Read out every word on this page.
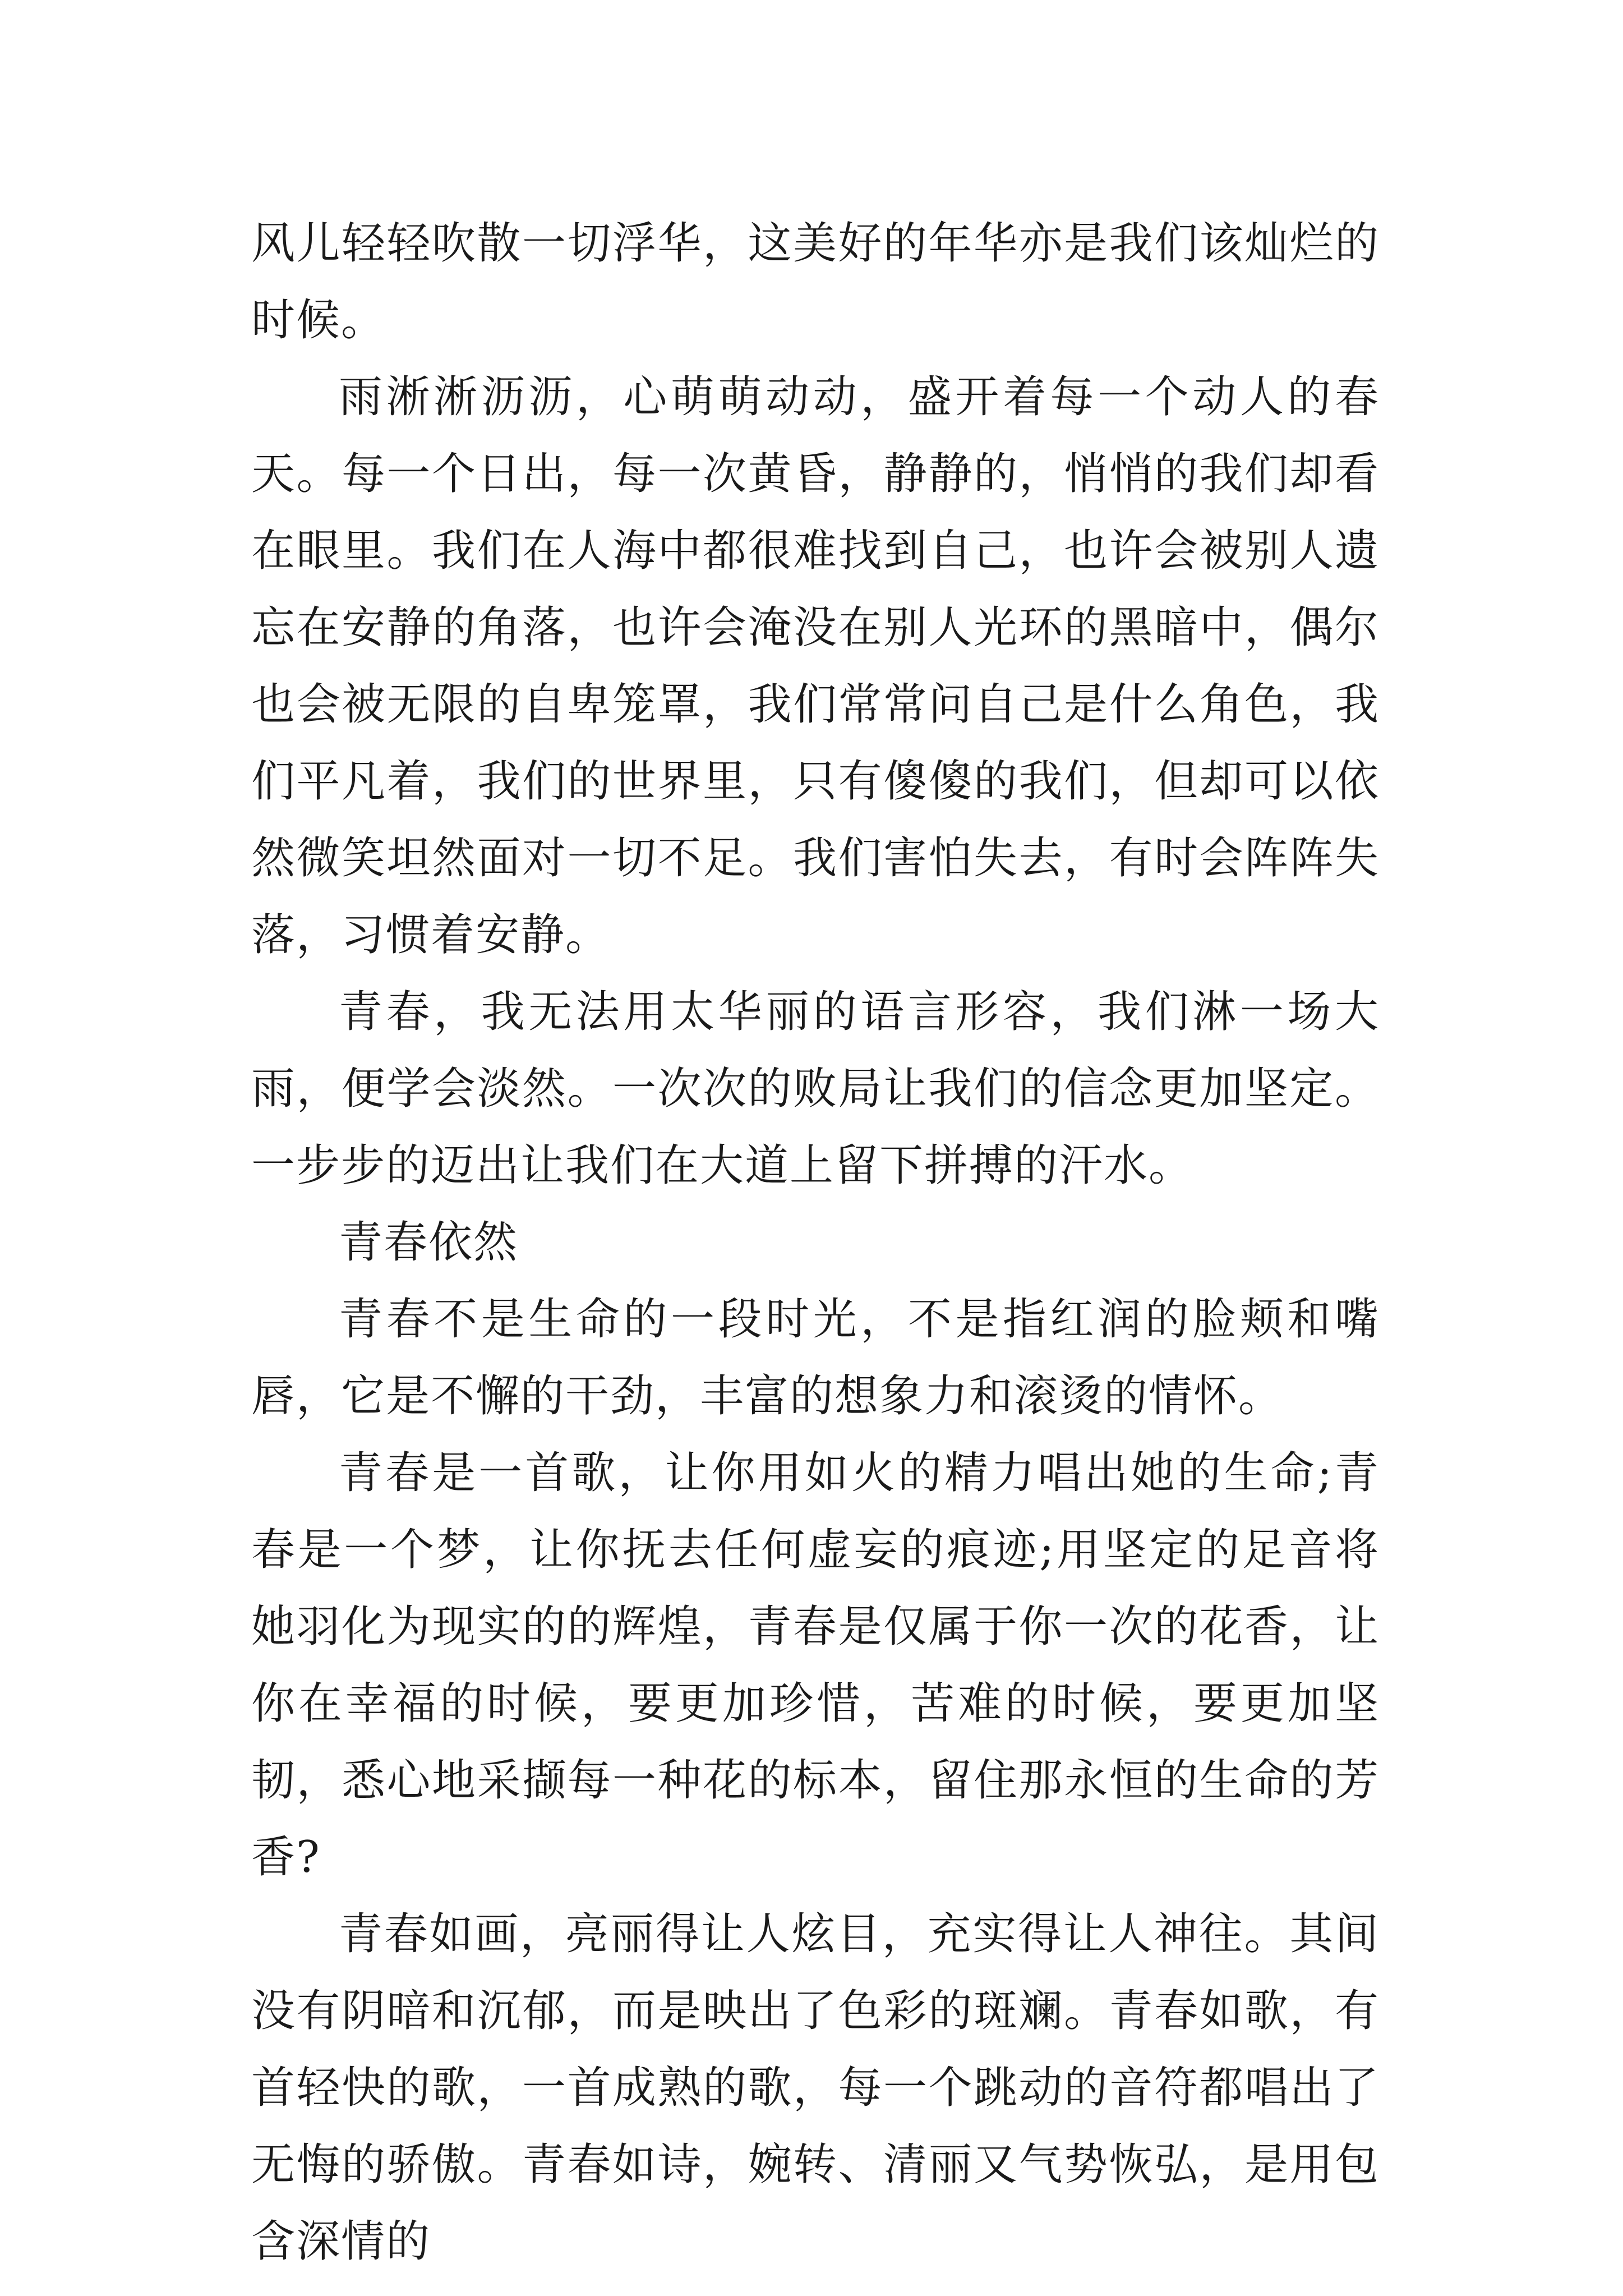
风儿轻轻吹散一切浮华，这美好的年华亦是我们该灿烂的时候。

雨淅淅沥沥，心萌萌动动，盛开着每一个动人的春天。每一个日出，每一次黄昏，静静的，悄悄的我们却看在眼里。我们在人海中都很难找到自己，也许会被别人遗忘在安静的角落，也许会淹没在别人光环的黑暗中，偶尔也会被无限的自卑笼罩，我们常常问自己是什么角色，我们平凡着，我们的世界里，只有傻傻的我们，但却可以依然微笑坦然面对一切不足。我们害怕失去，有时会阵阵失落，习惯着安静。

青春，我无法用太华丽的语言形容，我们淋一场大雨，便学会淡然。一次次的败局让我们的信念更加坚定。一步步的迈出让我们在大道上留下拼搏的汗水。

青春依然

青春不是生命的一段时光，不是指红润的脸颊和嘴唇，它是不懈的干劲，丰富的想象力和滚烫的情怀。

青春是一首歌，让你用如火的精力唱出她的生命;青春是一个梦，让你抚去任何虚妄的痕迹;用坚定的足音将她羽化为现实的的辉煌，青春是仅属于你一次的花香，让你在幸福的时候，要更加珍惜，苦难的时候，要更加坚韧，悉心地采撷每一种花的标本，留住那永恒的生命的芳香?

青春如画，亮丽得让人炫目，充实得让人神往。其间没有阴暗和沉郁，而是映出了色彩的斑斓。青春如歌，有首轻快的歌，一首成熟的歌，每一个跳动的音符都唱出了无悔的骄傲。青春如诗，婉转、清丽又气势恢弘，是用包含深情的
